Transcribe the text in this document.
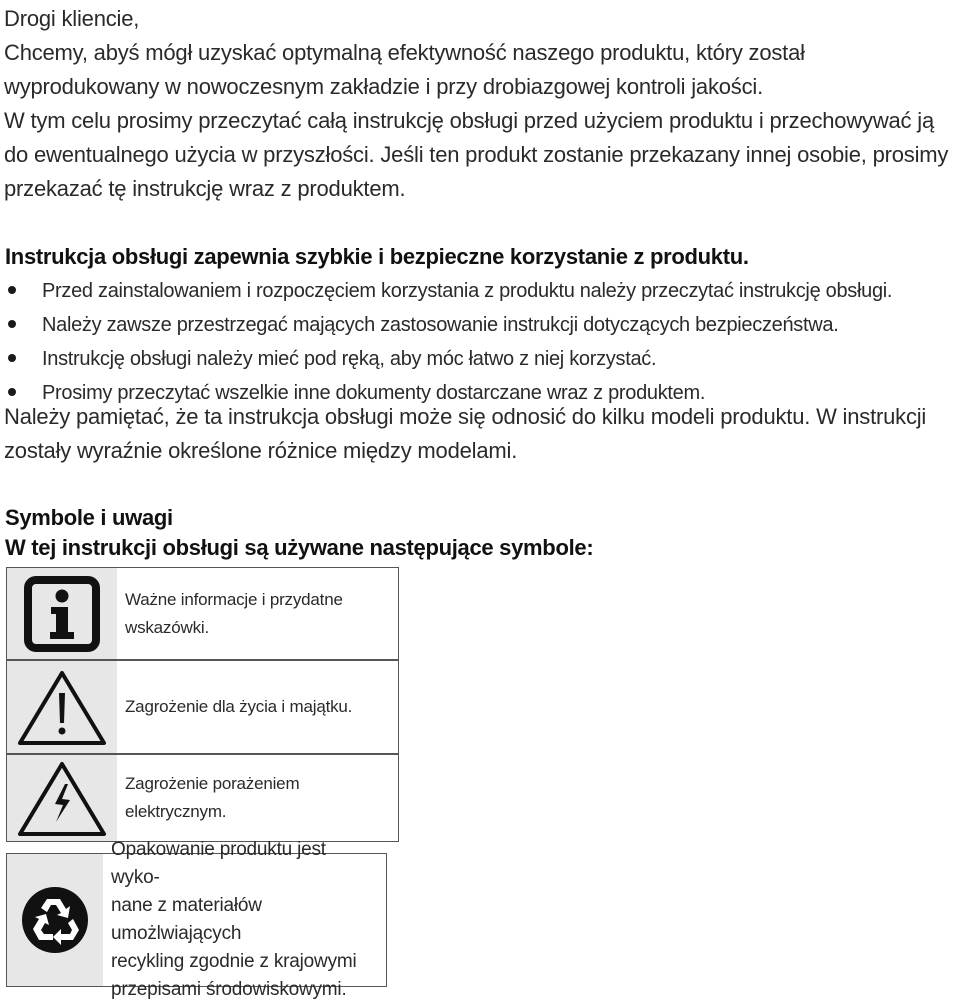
Drogi kliencie,

Chcemy, abyś mógł uzyskać optymalną efektywność naszego produktu, który został wyprodukowany w nowoczesnym zakładzie i przy drobiazgowej kontroli jakości.

W tym celu prosimy przeczytać całą instrukcję obsługi przed użyciem produktu i przechowywać ją do ewentualnego użycia w przyszłości. Jeśli ten produkt zostanie przekazany innej osobie, prosimy przekazać tę instrukcję wraz z produktem.

Instrukcja obsługi zapewnia szybkie i bezpieczne korzystanie z produktu.
Przed zainstalowaniem i rozpoczęciem korzystania z produktu należy przeczytać instrukcję obsługi.
Należy zawsze przestrzegać mających zastosowanie instrukcji dotyczących bezpieczeństwa.
Instrukcję obsługi należy mieć pod ręką, aby móc łatwo z niej korzystać.
Prosimy przeczytać wszelkie inne dokumenty dostarczane wraz z produktem.

Należy pamiętać, że ta instrukcja obsługi może się odnosić do kilku modeli produktu. W instrukcji zostały wyraźnie określone różnice między modelami.

Symbole i uwagi
W tej instrukcji obsługi są używane następujące symbole:
Ważne informacje i przydatne
wskazówki.
Zagrożenie dla życia i majątku.
Zagrożenie porażeniem
elektrycznym.
Opakowanie produktu jest wyko-
nane z materiałów umożlwiających
recykling zgodnie z krajowymi
przepisami środowiskowymi.
